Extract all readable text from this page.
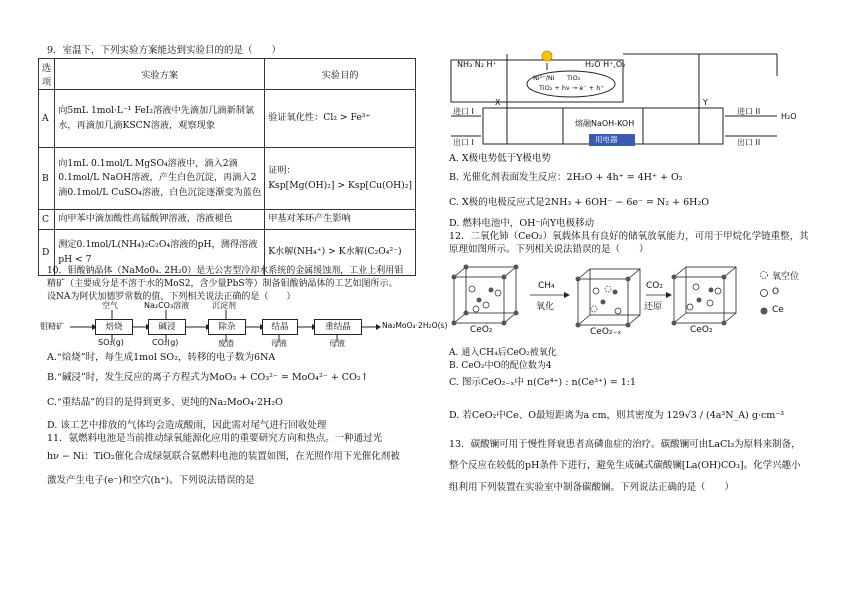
9．室温下，下列实验方案能达到实验目的的是（　　）
选项	实验方案	实验目的
A	向5mL 1mol·L⁻¹ FeI₂溶液中先滴加几滴新制氯
水，再滴加几滴KSCN溶液，观察现象	验证氧化性：Cl₂ > Fe³⁺

B	向1mL 0.1mol/L MgSO₄溶液中，滴入2滴
0.1mol/L NaOH溶液，产生白色沉淀，再滴入2
滴0.1mol/L CuSO₄溶液，白色沉淀逐渐变为蓝色	证明：
Ksp[Mg(OH)₂] > Ksp[Cu(OH)₂]

C	向甲苯中滴加酸性高锰酸钾溶液，溶液褪色	甲基对苯环产生影响

D	测定0.1mol/L(NH₄)₂C₂O₄溶液的pH，测得溶液
pH < 7	K水解(NH₄⁺) > K水解(C₂O₄²⁻)
10．钼酸钠晶体（NaMo0₄. 2H₂0）是无公害型冷却水系统的金属缓蚀剂，工业上利用钼
精矿（主要成分是不溶于水的MoS2，含少量PbS等）制备钼酸钠晶体的工艺如图所示。
设NA为阿伏加德罗常数的值，下列相关说法正确的是（　　）
钼精矿	焙烧	碱浸	除杂	结晶	重结晶	Na₂MoO₄·2H₂O(s)
空气	Na₂CO₃溶液	沉淀剂
SO₂(g)	CO₂(g)	废渣	母液	母液
A.“焙烧”时，每生成1mol SO₂，转移的电子数为6NA
B.“碱浸”时，发生反应的离子方程式为MoO₃ + CO₃²⁻ = MoO₄²⁻ + CO₂↑
C.“重结晶”的目的是得到更多、更纯的Na₂MoO₄·2H₂O
D. 该工艺中排放的气体均会造成酸雨，因此需对尾气进行回收处理
11．氨燃料电池是当前推动绿氧能源化应用的重要研究方向和热点。一种通过光
hν − Ni：TiO₂催化合成绿氨联合氨燃料电池的装置如图，在光照作用下光催化剂被
激发产生电子(e⁻)和空穴(h⁺)。下列说法错误的是
NH₃ N₂ H⁺	H₂O H⁺,O₂
Ni²⁺/Ni TiO₂
TiO₂ + hν → e⁻ + h⁺
进口 I
出口 I
进口 II
出口 II
X	Y
熔融NaOH-KOH
用电器
H₂O
A. X极电势低于Y极电势
B. 光催化剂表面发生反应：2H₂O + 4h⁺ = 4H⁺ + O₂
C. X极的电极反应式是2NH₃ + 6OH⁻ − 6e⁻ = N₂ + 6H₂O
D. 燃料电池中，OH⁻向Y电极移动
12．二氧化铈（CeO₂）氧载体具有良好的储氧放氧能力，可用于甲烷化学链重整，其
原理如图所示。下列相关说法错误的是（　　）
CeO₂	CeO₂₋ₓ	CeO₂
CH₄
氧化
CO₂
还原
氧空位
O
Ce
A. 通入CH₄后CeO₂被氧化
B. CeO₂中O的配位数为4
C. 图示CeO₂₋ₓ中 n(Ce⁴⁺) : n(Ce³⁺) = 1:1
D. 若CeO₂中Ce、O最短距离为a cm，则其密度为 129√3 / (4a³N_A) g·cm⁻³
13．碳酸镧可用于慢性肾衰患者高磷血症的治疗。碳酸镧可由LaCl₃为原料来制备，
整个反应在较低的pH条件下进行，避免生成碱式碳酸镧[La(OH)CO₃]。化学兴趣小
组利用下列装置在实验室中制备碳酸镧。下列说法正确的是（　　）
